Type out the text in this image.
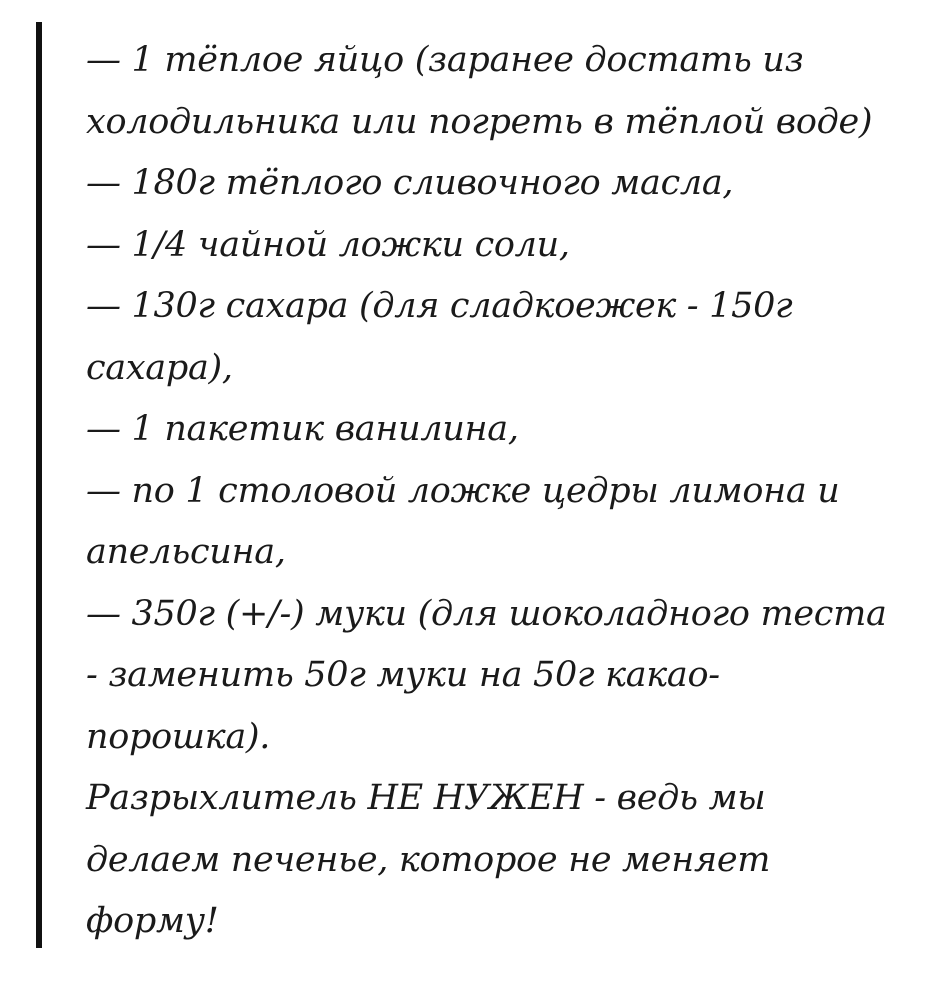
— 1 тёплое яйцо (заранее достать из
холодильника или погреть в тёплой воде)
— 180г тёплого сливочного масла,
— 1/4 чайной ложки соли,
— 130г сахара (для сладкоежек - 150г
сахара),
— 1 пакетик ванилина,
— по 1 столовой ложке цедры лимона и
апельсина,
— 350г (+/-) муки (для шоколадного теста
- заменить 50г муки на 50г какао-
порошка).
Разрыхлитель НЕ НУЖЕН - ведь мы
делаем печенье, которое не меняет
форму!
